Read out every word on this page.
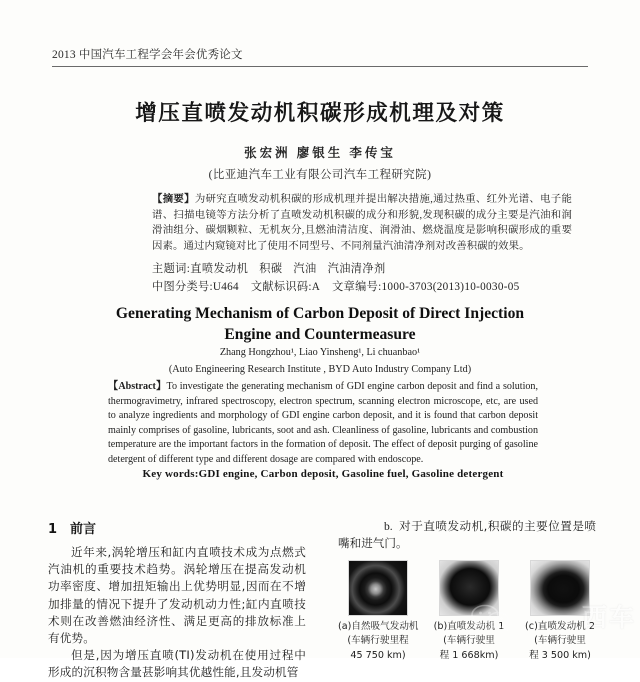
2013 中国汽车工程学会年会优秀论文
增压直喷发动机积碳形成机理及对策
张宏洲 廖银生 李传宝
(比亚迪汽车工业有限公司汽车工程研究院)
【摘要】为研究直喷发动机积碳的形成机理并提出解决措施,通过热重、红外光谱、电子能谱、扫描电镜等方法分析了直喷发动机积碳的成分和形貌,发现积碳的成分主要是汽油和润滑油组分、碳烟颗粒、无机灰分,且燃油清洁度、润滑油、燃烧温度是影响积碳形成的重要因素。通过内窥镜对比了使用不同型号、不同剂量汽油清净剂对改善积碳的效果。
主题词:直喷发动机 积碳 汽油 汽油清净剂
中图分类号:U464 文献标识码:A 文章编号:1000-3703(2013)10-0030-05
Generating Mechanism of Carbon Deposit of Direct Injection
Engine and Countermeasure
Zhang Hongzhou¹, Liao Yinsheng¹, Li chuanbao¹
(Auto Engineering Research Institute , BYD Auto Industry Company Ltd)
【Abstract】To investigate the generating mechanism of GDI engine carbon deposit and find a solution, thermogravimetry, infrared spectroscopy, electron spectrum, scanning electron microscope, etc, are used to analyze ingredients and morphology of GDI engine carbon deposit, and it is found that carbon deposit mainly comprises of gasoline, lubricants, soot and ash. Cleanliness of gasoline, lubricants and combustion temperature are the important factors in the formation of deposit. The effect of deposit purging of gasoline detergent of different type and different dosage are compared with endoscope.
Key words:GDI engine, Carbon deposit, Gasoline fuel, Gasoline detergent
1 前言

近年来,涡轮增压和缸内直喷技术成为点燃式汽油机的重要技术趋势。涡轮增压在提高发动机功率密度、增加扭矩输出上优势明显,因而在不增加排量的情况下提升了发动机动力性;缸内直喷技术则在改善燃油经济性、满足更高的排放标准上有优势。

但是,因为增压直喷(TI)发动机在使用过程中形成的沉积物含量甚影响其优越性能,且发动机管

b. 对于直喷发动机,积碳的主要位置是喷嘴和进气门。

(a)自然吸气发动机
(车辆行驶里程
45 750 km)
(b)直喷发动机 1
(车辆行驶里
程 1 668km)
(c)直喷发动机 2
(车辆行驶里
程 3 500 km)
西车
